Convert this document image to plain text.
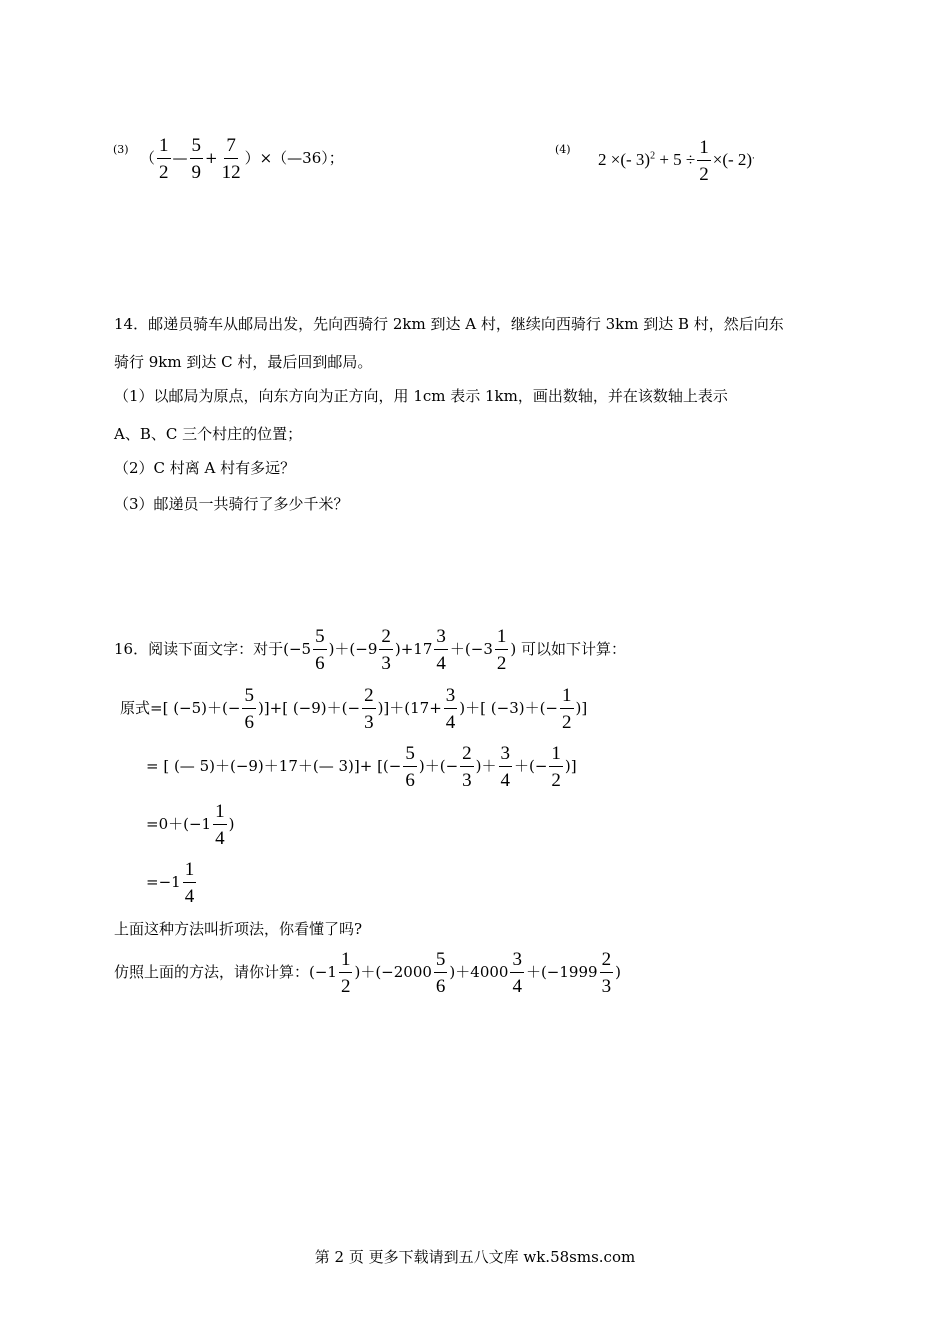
(3) （ $\frac{1}{2}$ — $\frac{5}{9} + \frac{7}{12}$ ）×（—36）；	(4)
2 ×(- $3)^2 + 5 \div \frac{1}{2}$ ×(- 2).
14．邮递员骑车从邮局出发，先向西骑行 2km 到达 A 村，继续向西骑行 3km 到达 B 村，然后向东
骑行 9km 到达 C 村，最后回到邮局。
（1）以邮局为原点，向东方向为正方向，用 1cm 表示 1km，画出数轴，并在该数轴上表示
A、B、C 三个村庄的位置；
（2）C 村离 A 村有多远？
（3）邮递员一共骑行了多少千米？
16．阅读下面文字：对于$(-5 \frac{5}{6} )+(-9 \frac{2}{3} )+17 \frac{3}{4} +(-3 \frac{1}{2}$ ) 可以如下计算：
原式=[ $(-5)+(- \frac{5}{6}$ )]+[ $(-9)+(- \frac{2}{3} )]+(17+ \frac{3}{4}$ )＋[ $(-3)+(- \frac{1}{2}$ )]
= [ (— 5)＋(−9)＋17＋(— 3)]+ [(− $\frac{5}{6}$ )＋(− $\frac{2}{3}$ )＋ $\frac{3}{4}$ ＋(− $\frac{1}{2}$ )]
$=0+(-1 \frac{1}{4}$ )
$=-1 \frac{1}{4}$
上面这种方法叫折项法，你看懂了吗?
仿照上面的方法，请你计算：$(-1 \frac{1}{2} )+(-2000 \frac{5}{6} )+4000 \frac{3}{4} +(-1999 \frac{2}{3}$ )
第 2 页 更多下载请到五八文库 wk.58sms.com
